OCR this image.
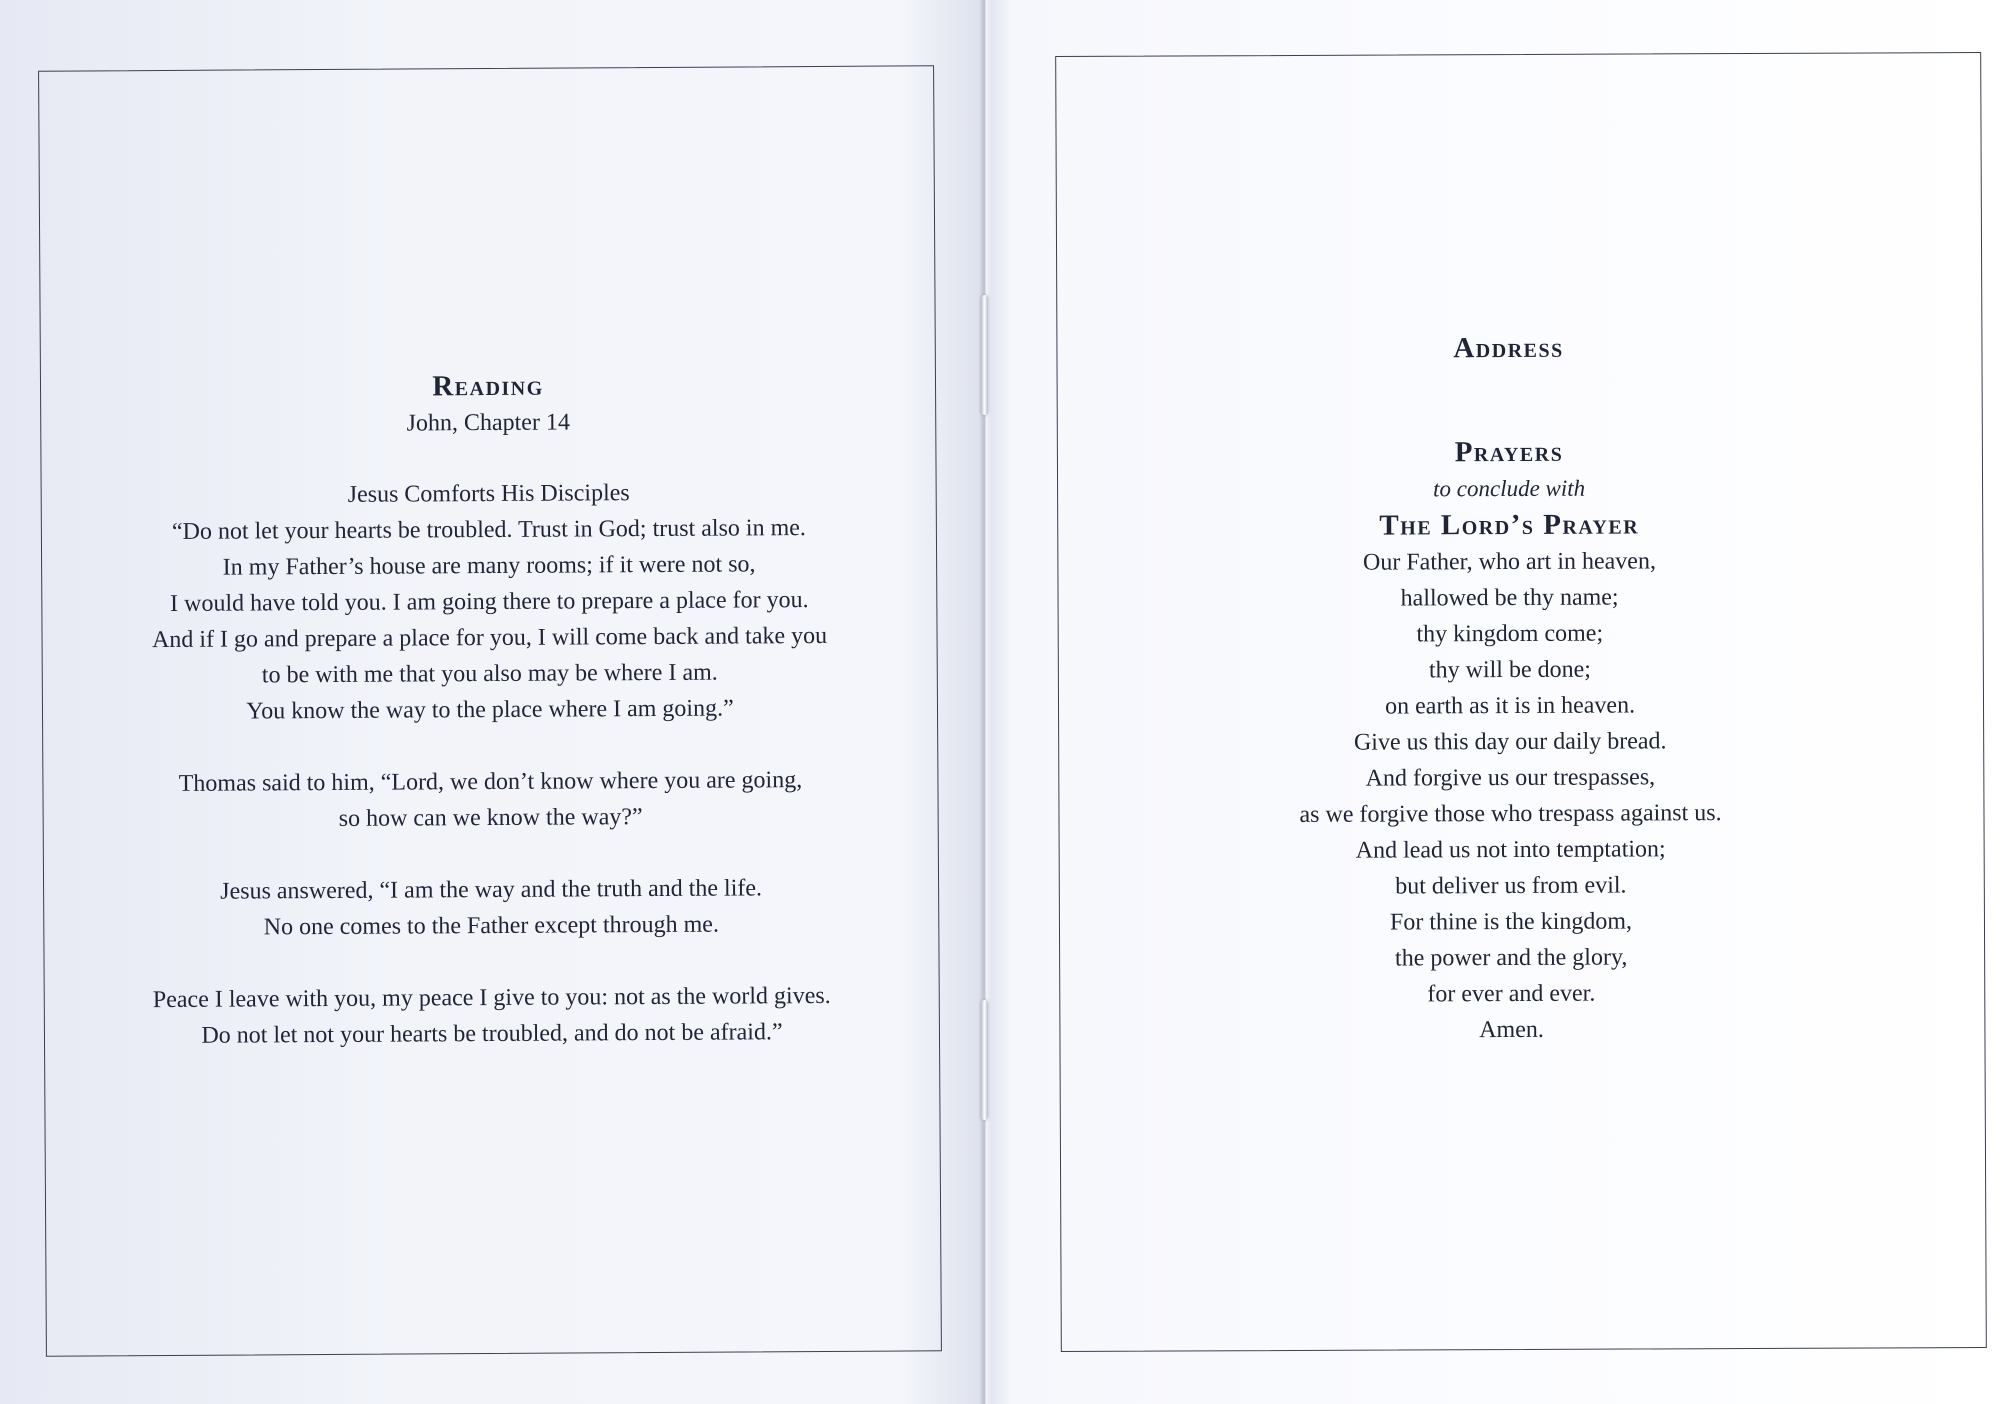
Reading

John, Chapter 14

Jesus Comforts His Disciples
“Do not let your hearts be troubled. Trust in God; trust also in me.
In my Father’s house are many rooms; if it were not so,
I would have told you. I am going there to prepare a place for you.
And if I go and prepare a place for you, I will come back and take you
to be with me that you also may be where I am.
You know the way to the place where I am going.”
Thomas said to him, “Lord, we don’t know where you are going,
so how can we know the way?”
Jesus answered, “I am the way and the truth and the life.
No one comes to the Father except through me.
Peace I leave with you, my peace I give to you: not as the world gives.
Do not let not your hearts be troubled, and do not be afraid.”
Address
Prayers

to conclude with

The Lord’s Prayer
Our Father, who art in heaven,
hallowed be thy name;
thy kingdom come;
thy will be done;
on earth as it is in heaven.
Give us this day our daily bread.
And forgive us our trespasses,
as we forgive those who trespass against us.
And lead us not into temptation;
but deliver us from evil.
For thine is the kingdom,
the power and the glory,
for ever and ever.
Amen.
